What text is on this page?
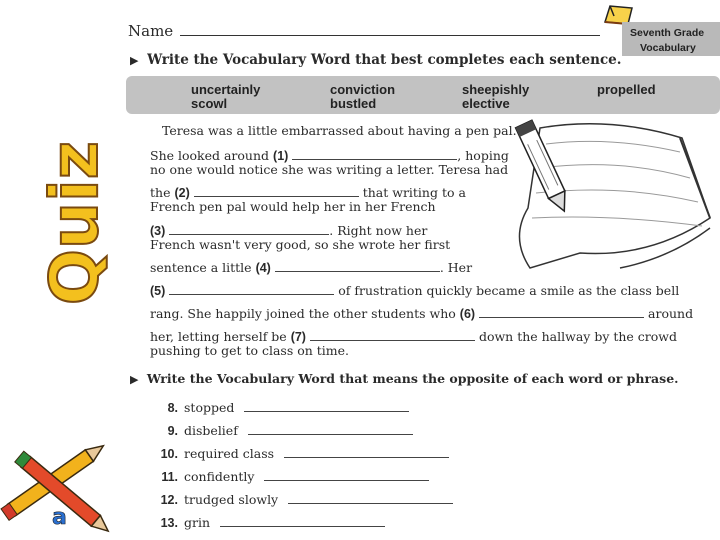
Quiz
a
Name	Seventh Grade
Vocabulary
▶ Write the Vocabulary Word that best completes each sentence.
uncertainly
scowl
conviction
bustled
sheepishly
elective
propelled
Teresa was a little embarrassed about having a pen pal.
She looked around (1)	, hoping
no one would notice she was writing a letter. Teresa had
the (2)	that writing to a
French pen pal would help her in her French
(3)	. Right now her
French wasn't very good, so she wrote her first
sentence a little (4)	. Her
(5)	of frustration quickly became a smile as the class bell
rang. She happily joined the other students who (6)	around
her, letting herself be (7)	down the hallway by the crowd
pushing to get to class on time.
▶ Write the Vocabulary Word that means the opposite of each word or phrase.
8. stopped
9. disbelief
10. required class
11. confidently
12. trudged slowly
13. grin
